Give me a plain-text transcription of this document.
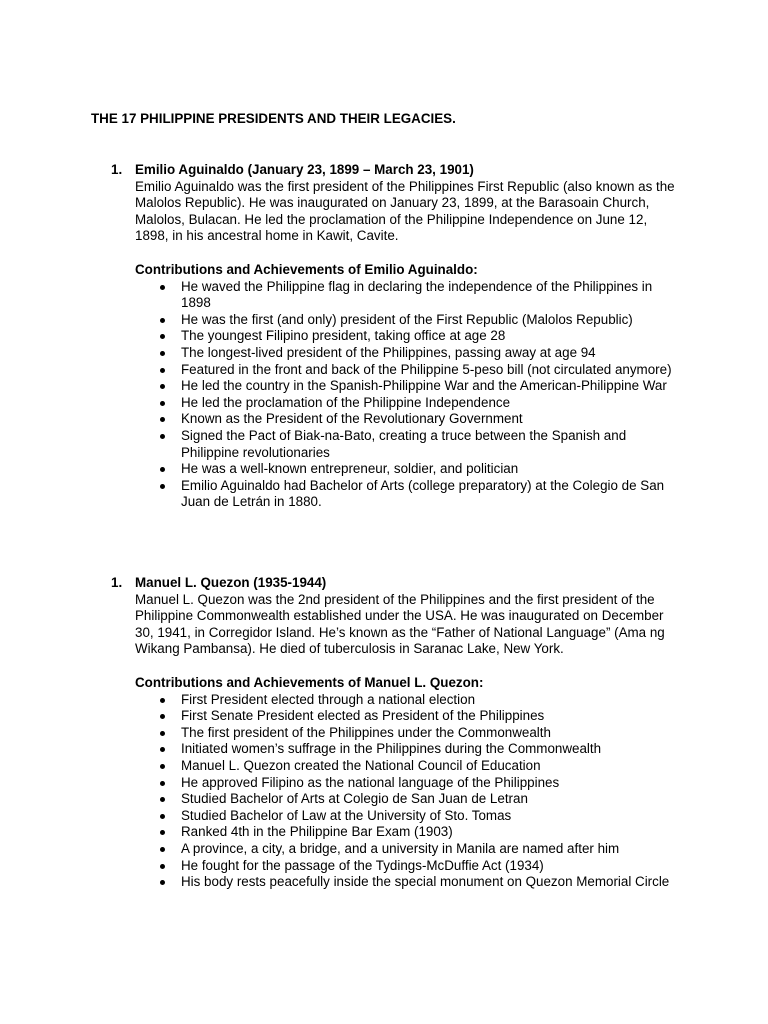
THE 17 PHILIPPINE PRESIDENTS AND THEIR LEGACIES.
1. Emilio Aguinaldo (January 23, 1899 – March 23, 1901)
Emilio Aguinaldo was the first president of the Philippines First Republic (also known as the Malolos Republic). He was inaugurated on January 23, 1899, at the Barasoain Church, Malolos, Bulacan. He led the proclamation of the Philippine Independence on June 12, 1898, in his ancestral home in Kawit, Cavite.
Contributions and Achievements of Emilio Aguinaldo:
He waved the Philippine flag in declaring the independence of the Philippines in 1898
He was the first (and only) president of the First Republic (Malolos Republic)
The youngest Filipino president, taking office at age 28
The longest-lived president of the Philippines, passing away at age 94
Featured in the front and back of the Philippine 5-peso bill (not circulated anymore)
He led the country in the Spanish-Philippine War and the American-Philippine War
He led the proclamation of the Philippine Independence
Known as the President of the Revolutionary Government
Signed the Pact of Biak-na-Bato, creating a truce between the Spanish and Philippine revolutionaries
He was a well-known entrepreneur, soldier, and politician
Emilio Aguinaldo had Bachelor of Arts (college preparatory) at the Colegio de San Juan de Letrán in 1880.
1. Manuel L. Quezon (1935-1944)
Manuel L. Quezon was the 2nd president of the Philippines and the first president of the Philippine Commonwealth established under the USA. He was inaugurated on December 30, 1941, in Corregidor Island. He’s known as the “Father of National Language” (Ama ng Wikang Pambansa). He died of tuberculosis in Saranac Lake, New York.
Contributions and Achievements of Manuel L. Quezon:
First President elected through a national election
First Senate President elected as President of the Philippines
The first president of the Philippines under the Commonwealth
Initiated women’s suffrage in the Philippines during the Commonwealth
Manuel L. Quezon created the National Council of Education
He approved Filipino as the national language of the Philippines
Studied Bachelor of Arts at Colegio de San Juan de Letran
Studied Bachelor of Law at the University of Sto. Tomas
Ranked 4th in the Philippine Bar Exam (1903)
A province, a city, a bridge, and a university in Manila are named after him
He fought for the passage of the Tydings-McDuffie Act (1934)
His body rests peacefully inside the special monument on Quezon Memorial Circle
